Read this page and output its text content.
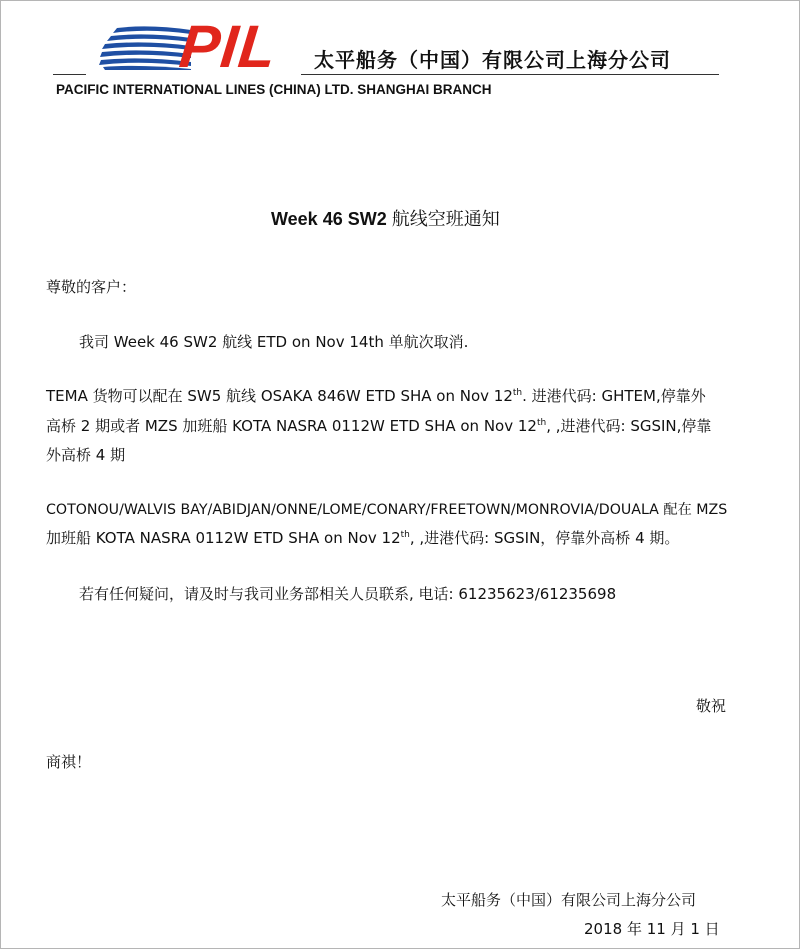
PIL 太平船务（中国）有限公司上海分公司
PACIFIC INTERNATIONAL LINES (CHINA) LTD. SHANGHAI BRANCH
Week 46 SW2 航线空班通知
尊敬的客户：
我司 Week 46 SW2 航线 ETD on Nov 14th 单航次取消.
TEMA 货物可以配在 SW5 航线 OSAKA 846W ETD SHA on Nov 12th. 进港代码: GHTEM,停靠外
高桥 2 期或者 MZS 加班船 KOTA NASRA 0112W ETD SHA on Nov 12th, ,进港代码: SGSIN,停靠
外高桥 4 期
COTONOU/WALVIS BAY/ABIDJAN/ONNE/LOME/CONARY/FREETOWN/MONROVIA/DOUALA 配在 MZS
加班船 KOTA NASRA 0112W ETD SHA on Nov 12th, ,进港代码: SGSIN，停靠外高桥 4 期。
若有任何疑问，请及时与我司业务部相关人员联系, 电话: 61235623/61235698
敬祝
商祺！
太平船务（中国）有限公司上海分公司
2018 年 11 月 1 日
